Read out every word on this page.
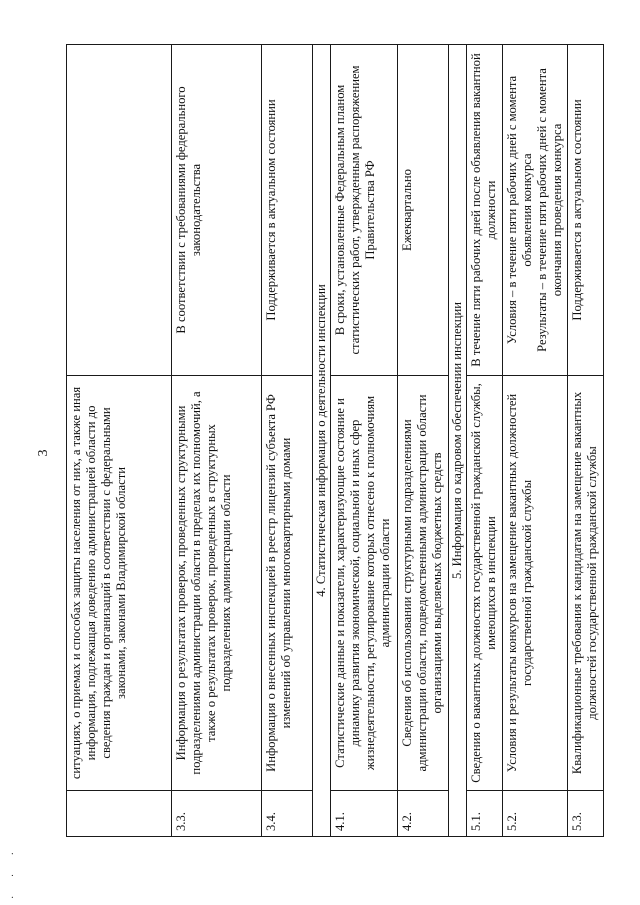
· · ·
3
	ситуациях, о приемах и способах защиты населения от них, а также иная информация, подлежащая доведению администрацией области до сведения граждан и организаций в соответствии с федеральными законами, законами Владимирской области	
3.3.	Информация о результатах проверок, проведенных структурными подразделениями администрации области в пределах их полномочий, а также о результатах проверок, проведенных в структурных подразделениях администрации области	В соответствии с требованиями федерального законодательства
3.4.	Информация о внесенных инспекцией в реестр лицензий субъекта РФ изменений об управлении многоквартирными домами	Поддерживается в актуальном состоянии
4. Статистическая информация о деятельности инспекции		
4.1.	Статистические данные и показатели, характеризующие состояние и динамику развития экономической, социальной и иных сфер жизнедеятельности, регулирование которых отнесено к полномочиям администрации области	В сроки, установленные Федеральным планом статистических работ, утвержденным распоряжением Правительства РФ
4.2.	Сведения об использовании структурными подразделениями администрации области, подведомственными администрации области организациями выделяемых бюджетных средств	Ежеквартально
5. Информация о кадровом обеспечении инспекции		
5.1.	Сведения о вакантных должностях государственной гражданской службы, имеющихся в инспекции	В течение пяти рабочих дней после объявления вакантной должности
5.2.	Условия и результаты конкурсов на замещение вакантных должностей государственной гражданской службы	Условия – в течение пяти рабочих дней с момента объявления конкурса Результаты – в течение пяти рабочих дней с момента окончания проведения конкурса

5.3.	Квалификационные требования к кандидатам на замещение вакантных должностей государственной гражданской службы	Поддерживается в актуальном состоянии
